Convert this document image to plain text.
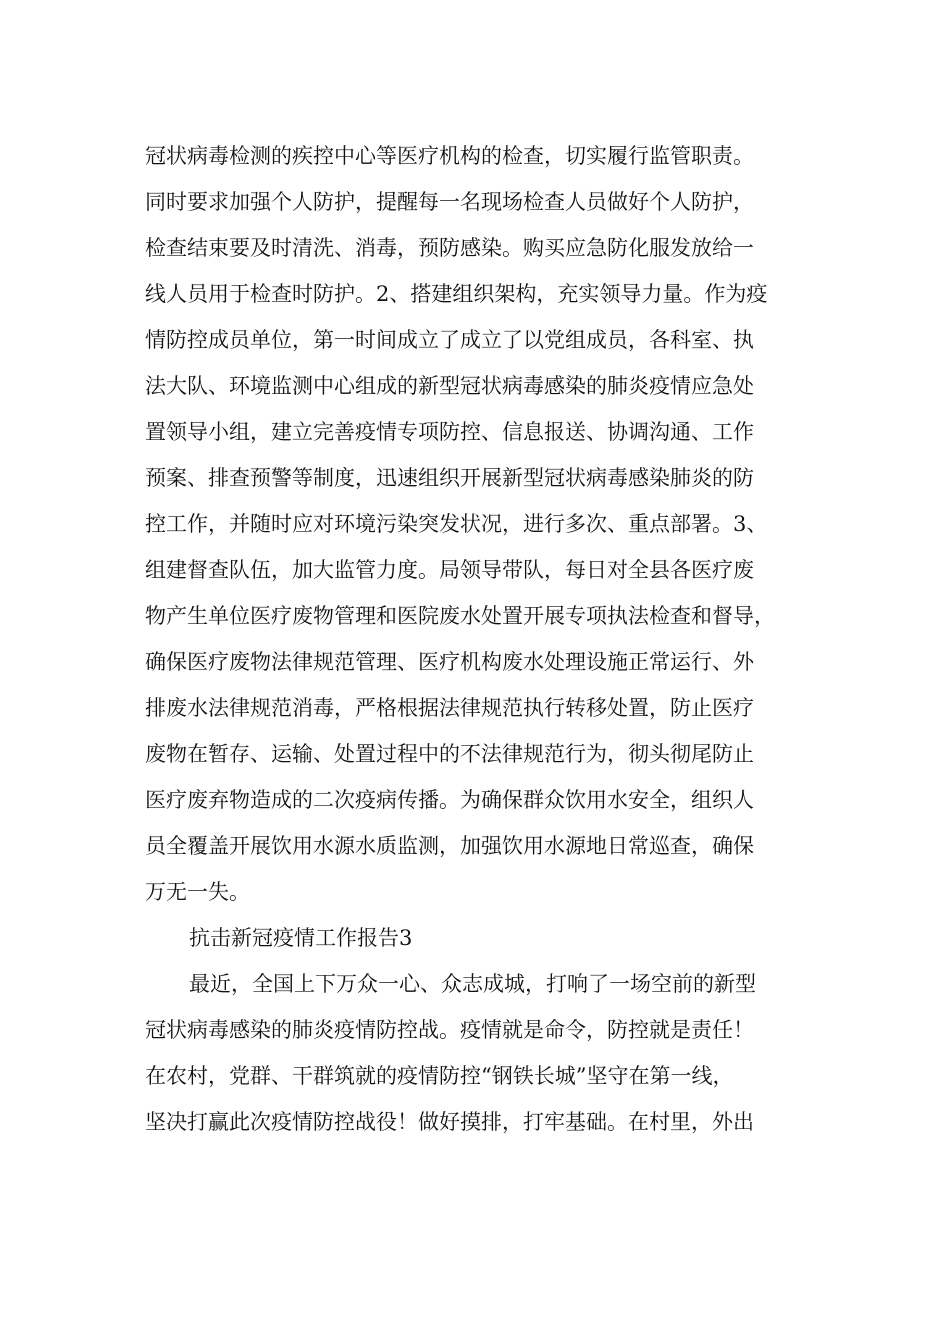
冠状病毒检测的疾控中心等医疗机构的检查，切实履行监管职责。
同时要求加强个人防护，提醒每一名现场检查人员做好个人防护，
检查结束要及时清洗、消毒，预防感染。购买应急防化服发放给一
线人员用于检查时防护。2、搭建组织架构，充实领导力量。作为疫
情防控成员单位，第一时间成立了成立了以党组成员，各科室、执
法大队、环境监测中心组成的新型冠状病毒感染的肺炎疫情应急处
置领导小组，建立完善疫情专项防控、信息报送、协调沟通、工作
预案、排查预警等制度，迅速组织开展新型冠状病毒感染肺炎的防
控工作，并随时应对环境污染突发状况，进行多次、重点部署。3、
组建督查队伍，加大监管力度。局领导带队，每日对全县各医疗废
物产生单位医疗废物管理和医院废水处置开展专项执法检查和督导，
确保医疗废物法律规范管理、医疗机构废水处理设施正常运行、外
排废水法律规范消毒，严格根据法律规范执行转移处置，防止医疗
废物在暂存、运输、处置过程中的不法律规范行为，彻头彻尾防止
医疗废弃物造成的二次疫病传播。为确保群众饮用水安全，组织人
员全覆盖开展饮用水源水质监测，加强饮用水源地日常巡查，确保
万无一失。
抗击新冠疫情工作报告3
最近，全国上下万众一心、众志成城，打响了一场空前的新型
冠状病毒感染的肺炎疫情防控战。疫情就是命令，防控就是责任！
在农村，党群、干群筑就的疫情防控“钢铁长城”坚守在第一线，
坚决打赢此次疫情防控战役！做好摸排，打牢基础。在村里，外出
